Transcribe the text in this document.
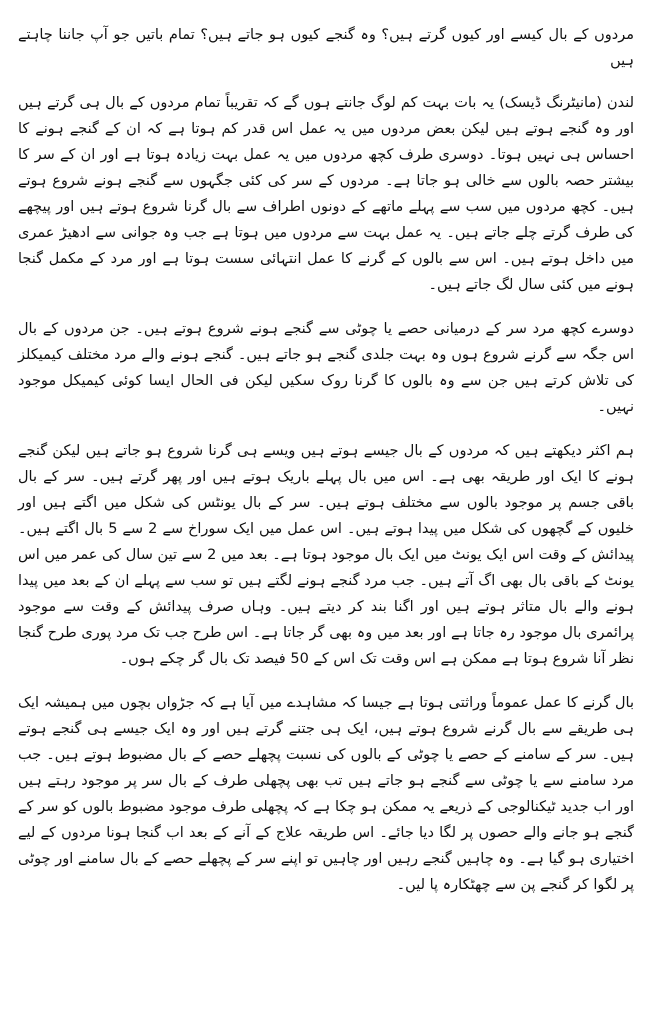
مردوں کے بال کیسے اور کیوں گرتے ہیں؟ وہ گنجے کیوں ہو جاتے ہیں؟ تمام باتیں جو آپ جاننا چاہتے ہیں

لندن (مانیٹرنگ ڈیسک) یہ بات بہت کم لوگ جانتے ہوں گے کہ تقریباً تمام مردوں کے بال ہی گرتے ہیں اور وہ گنجے ہوتے ہیں لیکن بعض مردوں میں یہ عمل اس قدر کم ہوتا ہے کہ ان کے گنجے ہونے کا احساس ہی نہیں ہوتا۔ دوسری طرف کچھ مردوں میں یہ عمل بہت زیادہ ہوتا ہے اور ان کے سر کا بیشتر حصہ بالوں سے خالی ہو جاتا ہے۔ مردوں کے سر کی کئی جگہوں سے گنجے ہونے شروع ہوتے ہیں۔ کچھ مردوں میں سب سے پہلے ماتھے کے دونوں اطراف سے بال گرنا شروع ہوتے ہیں اور پیچھے کی طرف گرتے چلے جاتے ہیں۔ یہ عمل بہت سے مردوں میں ہوتا ہے جب وہ جوانی سے ادھیڑ عمری میں داخل ہوتے ہیں۔ اس سے بالوں کے گرنے کا عمل انتہائی سست ہوتا ہے اور مرد کے مکمل گنجا ہونے میں کئی سال لگ جاتے ہیں۔

دوسرے کچھ مرد سر کے درمیانی حصے یا چوٹی سے گنجے ہونے شروع ہوتے ہیں۔ جن مردوں کے بال اس جگہ سے گرنے شروع ہوں وہ بہت جلدی گنجے ہو جاتے ہیں۔ گنجے ہونے والے مرد مختلف کیمیکلز کی تلاش کرتے ہیں جن سے وہ بالوں کا گرنا روک سکیں لیکن فی الحال ایسا کوئی کیمیکل موجود نہیں۔

ہم اکثر دیکھتے ہیں کہ مردوں کے بال جیسے ہوتے ہیں ویسے ہی گرنا شروع ہو جاتے ہیں لیکن گنجے ہونے کا ایک اور طریقہ بھی ہے۔ اس میں بال پہلے باریک ہوتے ہیں اور پھر گرتے ہیں۔ سر کے بال باقی جسم پر موجود بالوں سے مختلف ہوتے ہیں۔ سر کے بال یونٹس کی شکل میں اگتے ہیں اور خلیوں کے گچھوں کی شکل میں پیدا ہوتے ہیں۔ اس عمل میں ایک سوراخ سے 2 سے 5 بال اگتے ہیں۔ پیدائش کے وقت اس ایک یونٹ میں ایک بال موجود ہوتا ہے۔ بعد میں 2 سے تین سال کی عمر میں اس یونٹ کے باقی بال بھی اگ آتے ہیں۔ جب مرد گنجے ہونے لگتے ہیں تو سب سے پہلے ان کے بعد میں پیدا ہونے والے بال متاثر ہوتے ہیں اور اگنا بند کر دیتے ہیں۔ وہاں صرف پیدائش کے وقت سے موجود پرائمری بال موجود رہ جاتا ہے اور بعد میں وہ بھی گر جاتا ہے۔ اس طرح جب تک مرد پوری طرح گنجا نظر آنا شروع ہوتا ہے ممکن ہے اس وقت تک اس کے 50 فیصد تک بال گر چکے ہوں۔

بال گرنے کا عمل عموماً وراثتی ہوتا ہے جیسا کہ مشاہدے میں آیا ہے کہ جڑواں بچوں میں ہمیشہ ایک ہی طریقے سے بال گرنے شروع ہوتے ہیں، ایک ہی جتنے گرتے ہیں اور وہ ایک جیسے ہی گنجے ہوتے ہیں۔ سر کے سامنے کے حصے یا چوٹی کے بالوں کی نسبت پچھلے حصے کے بال مضبوط ہوتے ہیں۔ جب مرد سامنے سے یا چوٹی سے گنجے ہو جاتے ہیں تب بھی پچھلی طرف کے بال سر پر موجود رہتے ہیں اور اب جدید ٹیکنالوجی کے ذریعے یہ ممکن ہو چکا ہے کہ پچھلی طرف موجود مضبوط بالوں کو سر کے گنجے ہو جانے والے حصوں پر لگا دیا جائے۔ اس طریقہ علاج کے آنے کے بعد اب گنجا ہونا مردوں کے لیے اختیاری ہو گیا ہے۔ وہ چاہیں گنجے رہیں اور چاہیں تو اپنے سر کے پچھلے حصے کے بال سامنے اور چوٹی پر لگوا کر گنجے پن سے چھٹکارہ پا لیں۔
